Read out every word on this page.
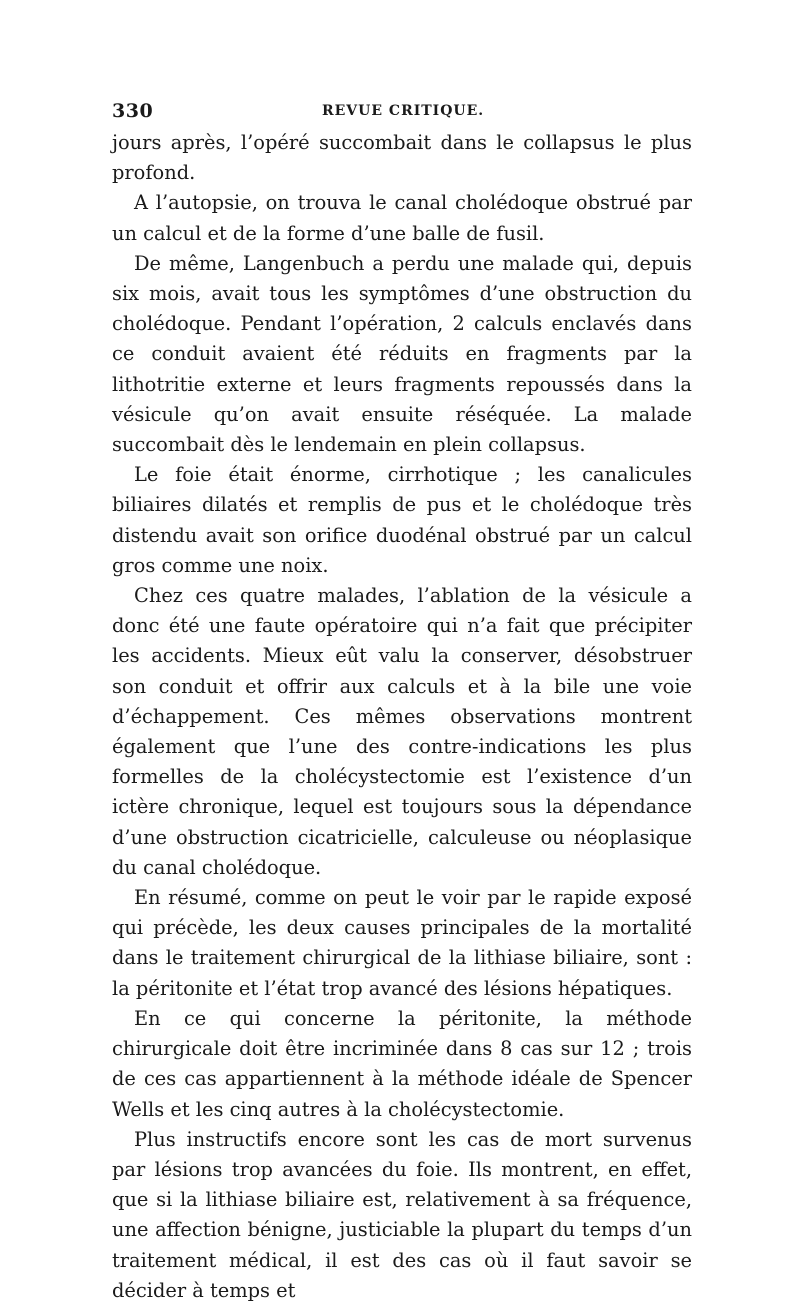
330	REVUE CRITIQUE.

jours après, l’opéré succombait dans le collapsus le plus profond.

A l’autopsie, on trouva le canal cholédoque obstrué par un calcul et de la forme d’une balle de fusil.

De même, Langenbuch a perdu une malade qui, depuis six mois, avait tous les symptômes d’une obstruction du cholédoque. Pendant l’opération, 2 calculs enclavés dans ce conduit avaient été réduits en fragments par la lithotritie externe et leurs fragments repoussés dans la vésicule qu’on avait ensuite réséquée. La malade succombait dès le lendemain en plein collapsus.

Le foie était énorme, cirrhotique ; les canalicules biliaires dilatés et remplis de pus et le cholédoque très distendu avait son orifice duodénal obstrué par un calcul gros comme une noix.

Chez ces quatre malades, l’ablation de la vésicule a donc été une faute opératoire qui n’a fait que précipiter les accidents. Mieux eût valu la conserver, désobstruer son conduit et offrir aux calculs et à la bile une voie d’échappement. Ces mêmes observations montrent également que l’une des contre-indications les plus formelles de la cholécystectomie est l’existence d’un ictère chronique, lequel est toujours sous la dépendance d’une obstruction cicatricielle, calculeuse ou néoplasique du canal cholédoque.

En résumé, comme on peut le voir par le rapide exposé qui précède, les deux causes principales de la mortalité dans le traitement chirurgical de la lithiase biliaire, sont : la péritonite et l’état trop avancé des lésions hépatiques.

En ce qui concerne la péritonite, la méthode chirurgicale doit être incriminée dans 8 cas sur 12 ; trois de ces cas appartiennent à la méthode idéale de Spencer Wells et les cinq autres à la cholécystectomie.

Plus instructifs encore sont les cas de mort survenus par lésions trop avancées du foie. Ils montrent, en effet, que si la lithiase biliaire est, relativement à sa fréquence, une affection bénigne, justiciable la plupart du temps d’un traitement médical, il est des cas où il faut savoir se décider à temps et
